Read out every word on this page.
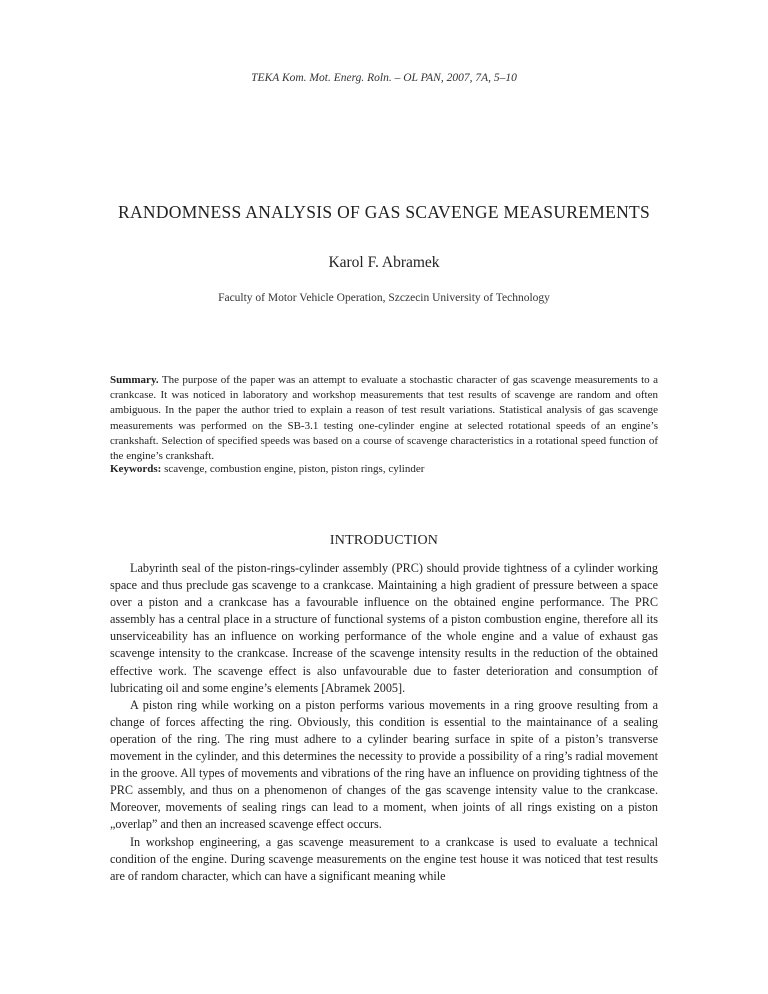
TEKA Kom. Mot. Energ. Roln. – OL PAN, 2007, 7A, 5–10
RANDOMNESS ANALYSIS OF GAS SCAVENGE MEASUREMENTS
Karol F. Abramek
Faculty of Motor Vehicle Operation, Szczecin University of Technology
Summary. The purpose of the paper was an attempt to evaluate a stochastic character of gas scavenge measurements to a crankcase. It was noticed in laboratory and workshop measurements that test results of scavenge are random and often ambiguous. In the paper the author tried to explain a reason of test result variations. Statistical analysis of gas scavenge measurements was performed on the SB-3.1 testing one-cylinder engine at selected rotational speeds of an engine’s crankshaft. Selection of specified speeds was based on a course of scavenge characteristics in a rotational speed function of the engine’s crankshaft.
Keywords: scavenge, combustion engine, piston, piston rings, cylinder
INTRODUCTION

Labyrinth seal of the piston-rings-cylinder assembly (PRC) should provide tightness of a cylinder working space and thus preclude gas scavenge to a crankcase. Maintaining a high gradient of pressure between a space over a piston and a crankcase has a favourable influence on the obtained engine performance. The PRC assembly has a central place in a structure of functional systems of a piston combustion engine, therefore all its unserviceability has an influence on working performance of the whole engine and a value of exhaust gas scavenge intensity to the crankcase. Increase of the scavenge intensity results in the reduction of the obtained effective work. The scavenge effect is also unfavourable due to faster deterioration and consumption of lubricating oil and some engine’s elements [Abramek 2005].

A piston ring while working on a piston performs various movements in a ring groove resulting from a change of forces affecting the ring. Obviously, this condition is essential to the maintainance of a sealing operation of the ring. The ring must adhere to a cylinder bearing surface in spite of a piston’s transverse movement in the cylinder, and this determines the necessity to provide a possibility of a ring’s radial movement in the groove. All types of movements and vibrations of the ring have an influence on providing tightness of the PRC assembly, and thus on a phenomenon of changes of the gas scavenge intensity value to the crankcase. Moreover, movements of sealing rings can lead to a moment, when joints of all rings existing on a piston „overlap” and then an increased scavenge effect occurs.

In workshop engineering, a gas scavenge measurement to a crankcase is used to evaluate a technical condition of the engine. During scavenge measurements on the engine test house it was noticed that test results are of random character, which can have a significant meaning while
